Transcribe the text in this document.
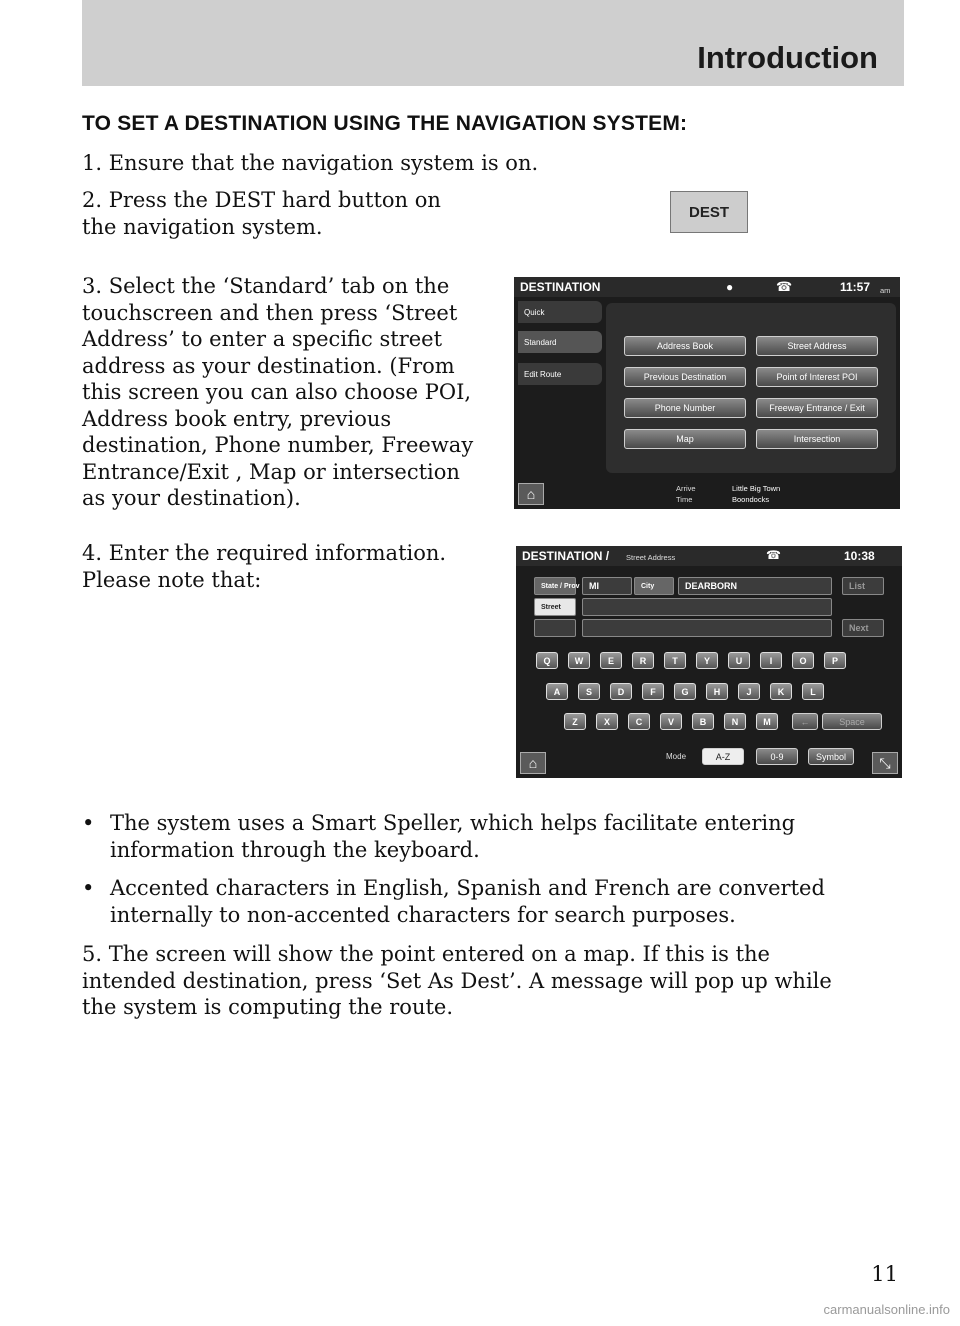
Introduction
TO SET A DESTINATION USING THE NAVIGATION SYSTEM:

1. Ensure that the navigation system is on.

2. Press the DEST hard button on

the navigation system.

DEST

3. Select the ‘Standard’ tab on the

touchscreen and then press ‘Street

Address’ to enter a specific street

address as your destination. (From

this screen you can also choose POI,

Address book entry, previous

destination, Phone number, Freeway

Entrance/Exit , Map or intersection

as your destination).

DESTINATION	●	☎	11:57 am
Quick
Standard
Edit Route
Address Book	Street Address
Previous Destination	Point of Interest POI
Phone Number	Freeway Entrance / Exit
Map	Intersection
⌂	Arrive	Little Big Town
Time	Boondocks

4. Enter the required information.

Please note that:

DESTINATION / Street Address	☎	10:38
State / Prov	MI	City	DEARBORN	List
Street
Next
Q	W	E	R	T	Y	U	I	O	P
A	S	D	F	G	H	J	K	L
Z	X	C	V	B	N	M	←	Space
⌂	Mode	A-Z	0-9	Symbol	⤡
• The system uses a Smart Speller, which helps facilitate entering
information through the keyboard.
• Accented characters in English, Spanish and French are converted
internally to non-accented characters for search purposes.

5. The screen will show the point entered on a map. If this is the

intended destination, press ‘Set As Dest’. A message will pop up while

the system is computing the route.

11
carmanualsonline.info
